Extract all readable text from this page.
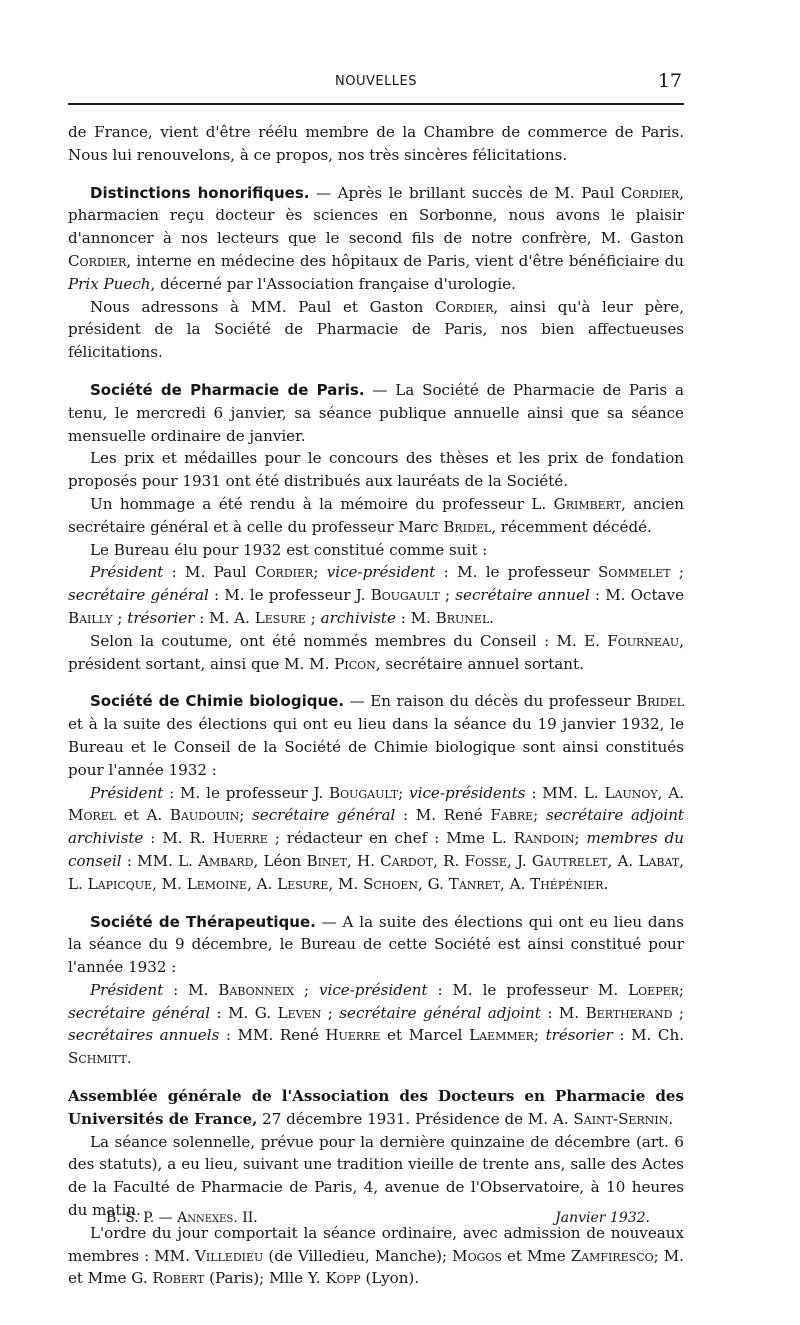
NOUVELLES	17

de France, vient d'être réélu membre de la Chambre de commerce de Paris. Nous lui renouvelons, à ce propos, nos très sincères félicitations.

Distinctions honorifiques. — Après le brillant succès de M. Paul Cordier, pharmacien reçu docteur ès sciences en Sorbonne, nous avons le plaisir d'annoncer à nos lecteurs que le second fils de notre confrère, M. Gaston Cordier, interne en médecine des hôpitaux de Paris, vient d'être bénéficiaire du Prix Puech, décerné par l'Association française d'urologie.

Nous adressons à MM. Paul et Gaston Cordier, ainsi qu'à leur père, président de la Société de Pharmacie de Paris, nos bien affectueuses félicitations.

Société de Pharmacie de Paris. — La Société de Pharmacie de Paris a tenu, le mercredi 6 janvier, sa séance publique annuelle ainsi que sa séance mensuelle ordinaire de janvier.

Les prix et médailles pour le concours des thèses et les prix de fondation proposés pour 1931 ont été distribués aux lauréats de la Société.

Un hommage a été rendu à la mémoire du professeur L. Grimbert, ancien secrétaire général et à celle du professeur Marc Bridel, récemment décédé.

Le Bureau élu pour 1932 est constitué comme suit :

Président : M. Paul Cordier; vice-président : M. le professeur Sommelet ; secrétaire général : M. le professeur J. Bougault ; secrétaire annuel : M. Octave Bailly ; trésorier : M. A. Lesure ; archiviste : M. Brunel.

Selon la coutume, ont été nommés membres du Conseil : M. E. Fourneau, président sortant, ainsi que M. M. Picon, secrétaire annuel sortant.

Société de Chimie biologique. — En raison du décès du professeur Bridel et à la suite des élections qui ont eu lieu dans la séance du 19 janvier 1932, le Bureau et le Conseil de la Société de Chimie biologique sont ainsi constitués pour l'année 1932 :

Président : M. le professeur J. Bougault; vice-présidents : MM. L. Launoy, A. Morel et A. Baudouin; secrétaire général : M. René Fabre; secrétaire adjoint archiviste : M. R. Huerre ; rédacteur en chef : Mme L. Randoin; membres du conseil : MM. L. Ambard, Léon Binet, H. Cardot, R. Fosse, J. Gautrelet, A. Labat, L. Lapicque, M. Lemoine, A. Lesure, M. Schoen, G. Tanret, A. Thépénier.

Société de Thérapeutique. — A la suite des élections qui ont eu lieu dans la séance du 9 décembre, le Bureau de cette Société est ainsi constitué pour l'année 1932 :

Président : M. Babonneix ; vice-président : M. le professeur M. Loeper; secrétaire général : M. G. Leven ; secrétaire général adjoint : M. Bertherand ; secrétaires annuels : MM. René Huerre et Marcel Laemmer; trésorier : M. Ch. Schmitt.

Assemblée générale de l'Association des Docteurs en Pharmacie des Universités de France, 27 décembre 1931. Présidence de M. A. Saint-Sernin.

La séance solennelle, prévue pour la dernière quinzaine de décembre (art. 6 des statuts), a eu lieu, suivant une tradition vieille de trente ans, salle des Actes de la Faculté de Pharmacie de Paris, 4, avenue de l'Observatoire, à 10 heures du matin.

L'ordre du jour comportait la séance ordinaire, avec admission de nouveaux membres : MM. Villedieu (de Villedieu, Manche); Mogos et Mme Zamfiresco; M. et Mme G. Robert (Paris); Mlle Y. Kopp (Lyon).

B. S. P. — Annexes. II.	Janvier 1932.
